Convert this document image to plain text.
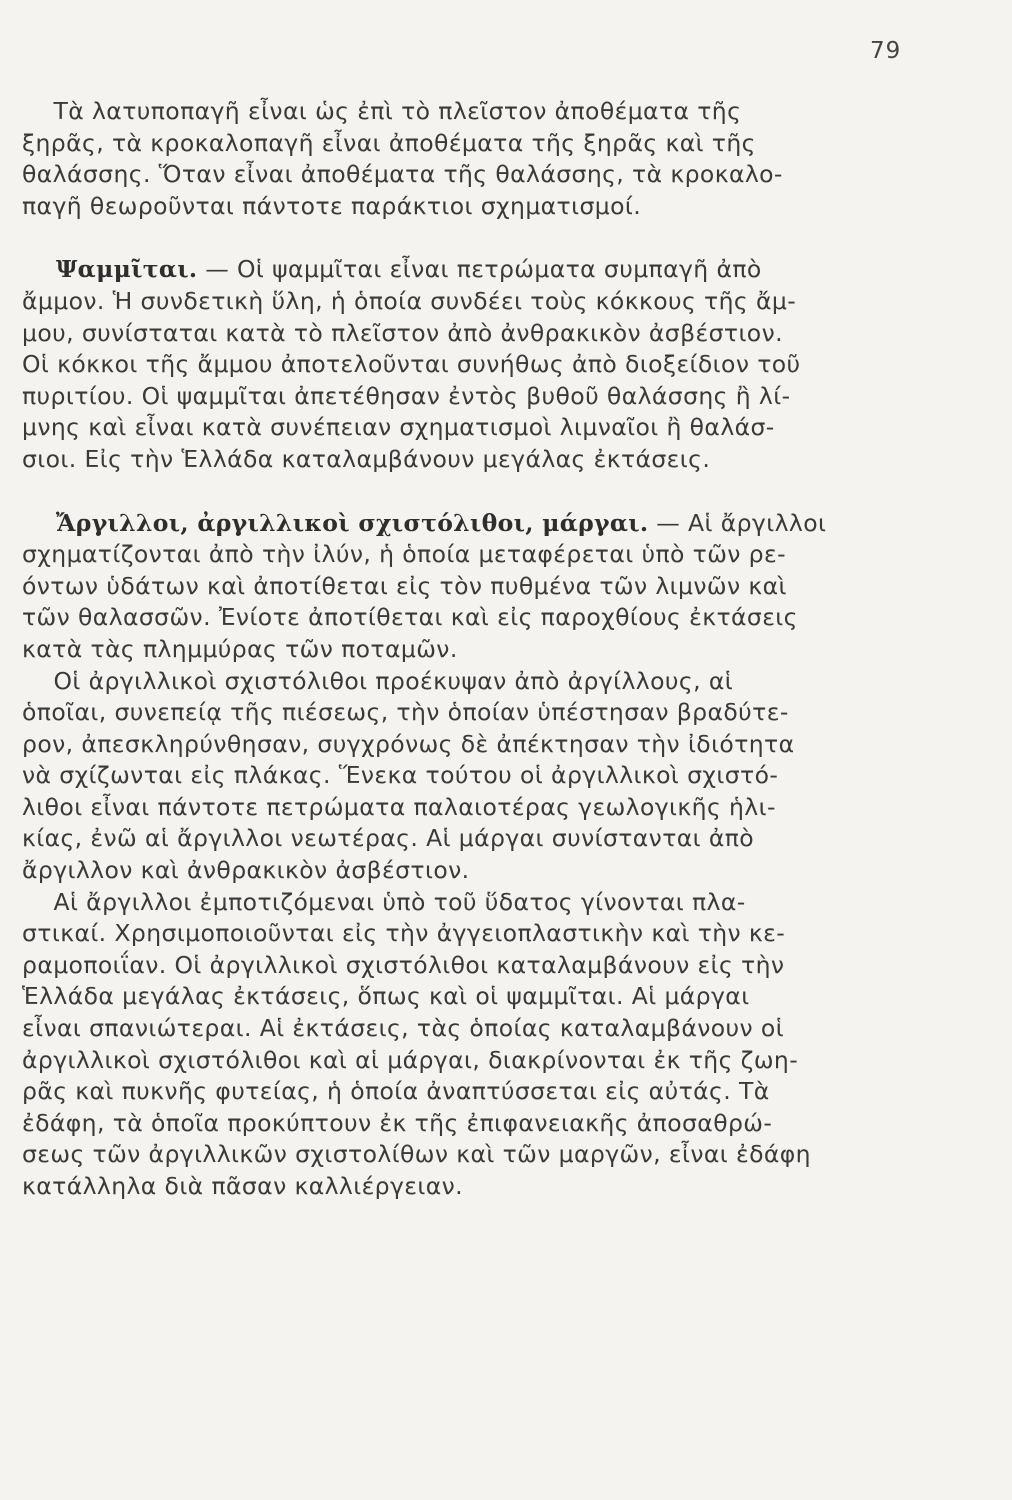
79
Τὰ λατυποπαγῆ εἶναι ὡς ἐπὶ τὸ πλεῖστον ἀποθέματα τῆς
ξηρᾶς, τὰ κροκαλοπαγῆ εἶναι ἀποθέματα τῆς ξηρᾶς καὶ τῆς
θαλάσσης. Ὅταν εἶναι ἀποθέματα τῆς θαλάσσης, τὰ κροκαλο-
παγῆ θεωροῦνται πάντοτε παράκτιοι σχηματισμοί.
Ψαμμῖται. — Οἱ ψαμμῖται εἶναι πετρώματα συμπαγῆ ἀπὸ
ἄμμον. Ἡ συνδετικὴ ὕλη, ἡ ὁποία συνδέει τοὺς κόκκους τῆς ἄμ-
μου, συνίσταται κατὰ τὸ πλεῖστον ἀπὸ ἀνθρακικὸν ἀσβέστιον.
Οἱ κόκκοι τῆς ἄμμου ἀποτελοῦνται συνήθως ἀπὸ διοξείδιον τοῦ
πυριτίου. Οἱ ψαμμῖται ἀπετέθησαν ἐντὸς βυθοῦ θαλάσσης ἢ λί-
μνης καὶ εἶναι κατὰ συνέπειαν σχηματισμοὶ λιμναῖοι ἢ θαλάσ-
σιοι. Εἰς τὴν Ἑλλάδα καταλαμβάνουν μεγάλας ἐκτάσεις.
Ἄργιλλοι, ἀργιλλικοὶ σχιστόλιθοι, μάργαι. — Αἱ ἄργιλλοι
σχηματίζονται ἀπὸ τὴν ἰλύν, ἡ ὁποία μεταφέρεται ὑπὸ τῶν ρε-
όντων ὑδάτων καὶ ἀποτίθεται εἰς τὸν πυθμένα τῶν λιμνῶν καὶ
τῶν θαλασσῶν. Ἐνίοτε ἀποτίθεται καὶ εἰς παροχθίους ἐκτάσεις
κατὰ τὰς πλημμύρας τῶν ποταμῶν.
Οἱ ἀργιλλικοὶ σχιστόλιθοι προέκυψαν ἀπὸ ἀργίλλους, αἱ
ὁποῖαι, συνεπείᾳ τῆς πιέσεως, τὴν ὁποίαν ὑπέστησαν βραδύτε-
ρον, ἀπεσκληρύνθησαν, συγχρόνως δὲ ἀπέκτησαν τὴν ἰδιότητα
νὰ σχίζωνται εἰς πλάκας. Ἕνεκα τούτου οἱ ἀργιλλικοὶ σχιστό-
λιθοι εἶναι πάντοτε πετρώματα παλαιοτέρας γεωλογικῆς ἡλι-
κίας, ἐνῶ αἱ ἄργιλλοι νεωτέρας. Αἱ μάργαι συνίστανται ἀπὸ
ἄργιλλον καὶ ἀνθρακικὸν ἀσβέστιον.
Αἱ ἄργιλλοι ἐμποτιζόμεναι ὑπὸ τοῦ ὕδατος γίνονται πλα-
στικαί. Χρησιμοποιοῦνται εἰς τὴν ἀγγειοπλαστικὴν καὶ τὴν κε-
ραμοποιΐαν. Οἱ ἀργιλλικοὶ σχιστόλιθοι καταλαμβάνουν εἰς τὴν
Ἑλλάδα μεγάλας ἐκτάσεις, ὅπως καὶ οἱ ψαμμῖται. Αἱ μάργαι
εἶναι σπανιώτεραι. Αἱ ἐκτάσεις, τὰς ὁποίας καταλαμβάνουν οἱ
ἀργιλλικοὶ σχιστόλιθοι καὶ αἱ μάργαι, διακρίνονται ἐκ τῆς ζωη-
ρᾶς καὶ πυκνῆς φυτείας, ἡ ὁποία ἀναπτύσσεται εἰς αὐτάς. Τὰ
ἐδάφη, τὰ ὁποῖα προκύπτουν ἐκ τῆς ἐπιφανειακῆς ἀποσαθρώ-
σεως τῶν ἀργιλλικῶν σχιστολίθων καὶ τῶν μαργῶν, εἶναι ἐδάφη
κατάλληλα διὰ πᾶσαν καλλιέργειαν.
